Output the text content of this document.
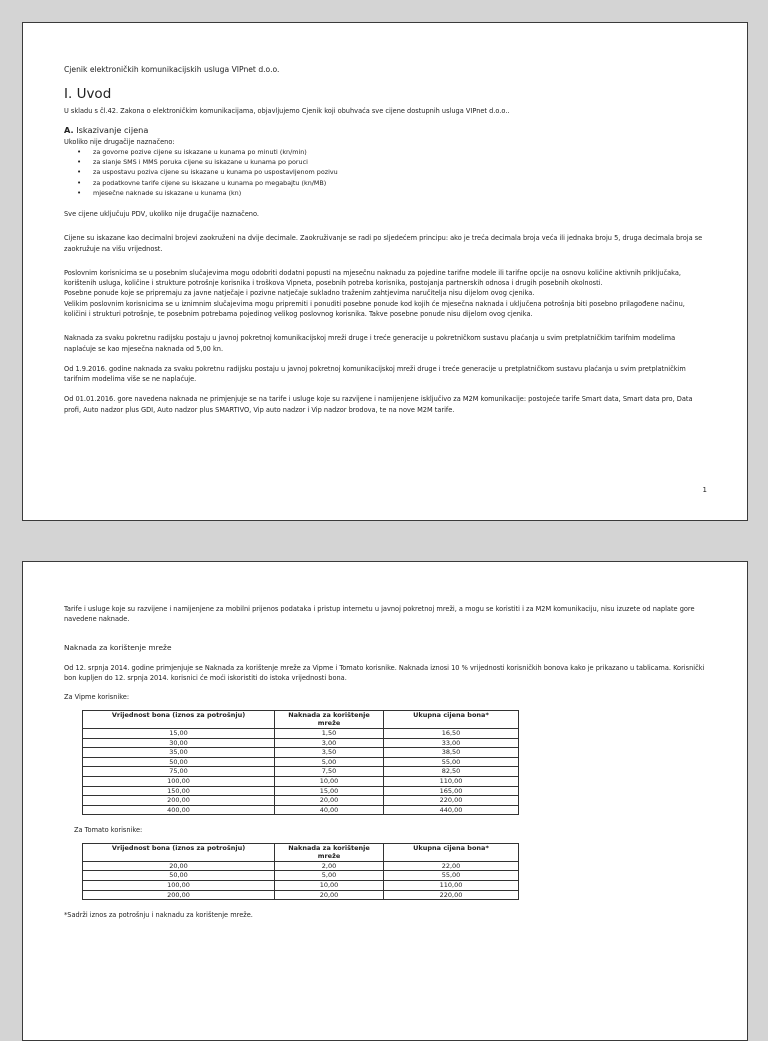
Cjenik elektroničkih komunikacijskih usluga VIPnet d.o.o.

I. Uvod

U skladu s čl.42. Zakona o elektroničkim komunikacijama, objavljujemo Cjenik koji obuhvaća sve cijene dostupnih usluga VIPnet d.o.o..

A. Iskazivanje cijena

Ukoliko nije drugačije naznačeno:

• za govorne pozive cijene su iskazane u kunama po minuti (kn/min)
• za slanje SMS i MMS poruka cijene su iskazane u kunama po poruci
• za uspostavu poziva cijene su iskazane u kunama po uspostavljenom pozivu
• za podatkovne tarife cijene su iskazane u kunama po megabajtu (kn/MB)
• mjesečne naknade su iskazane u kunama (kn)

Sve cijene uključuju PDV, ukoliko nije drugačije naznačeno.

Cijene su iskazane kao decimalni brojevi zaokruženi na dvije decimale. Zaokruživanje se radi po sljedećem principu: ako je treća decimala broja veća ili jednaka broju 5, druga decimala broja se zaokružuje na višu vrijednost.

Poslovnim korisnicima se u posebnim slučajevima mogu odobriti dodatni popusti na mjesečnu naknadu za pojedine tarifne modele ili tarifne opcije na osnovu količine aktivnih priključaka, korištenih usluga, količine i strukture potrošnje korisnika i troškova Vipneta, posebnih potreba korisnika, postojanja partnerskih odnosa i drugih posebnih okolnosti.

Posebne ponude koje se pripremaju za javne natječaje i pozivne natječaje sukladno traženim zahtjevima naručitelja nisu dijelom ovog cjenika.

Velikim poslovnim korisnicima se u iznimnim slučajevima mogu pripremiti i ponuditi posebne ponude kod kojih će mjesečna naknada i uključena potrošnja biti posebno prilagođene načinu, količini i strukturi potrošnje, te posebnim potrebama pojedinog velikog poslovnog korisnika. Takve posebne ponude nisu dijelom ovog cjenika.

Naknada za svaku pokretnu radijsku postaju u javnoj pokretnoj komunikacijskoj mreži druge i treće generacije u pokretničkom sustavu plaćanja u svim pretplatničkim tarifnim modelima naplaćuje se kao mjesečna naknada od 5,00 kn.

Od 1.9.2016. godine naknada za svaku pokretnu radijsku postaju u javnoj pokretnoj komunikacijskoj mreži druge i treće generacije u pretplatničkom sustavu plaćanja u svim pretplatničkim tarifnim modelima više se ne naplaćuje.

Od 01.01.2016. gore navedena naknada ne primjenjuje se na tarife i usluge koje su razvijene i namijenjene isključivo za M2M komunikacije: postojeće tarife Smart data, Smart data pro, Data profi, Auto nadzor plus GDI, Auto nadzor plus SMARTIVO, Vip auto nadzor i Vip nadzor brodova, te na nove M2M tarife.

1

Tarife i usluge koje su razvijene i namijenjene za mobilni prijenos podataka i pristup internetu u javnoj pokretnoj mreži, a mogu se koristiti i za M2M komunikaciju, nisu izuzete od naplate gore navedene naknade.

Naknada za korištenje mreže

Od 12. srpnja 2014. godine primjenjuje se Naknada za korištenje mreže za Vipme i Tomato korisnike. Naknada iznosi 10 % vrijednosti korisničkih bonova kako je prikazano u tablicama. Korisnički bon kupljen do 12. srpnja 2014. korisnici će moći iskoristiti do istoka vrijednosti bona.

Za Vipme korisnike:

Vrijednost bona (iznos za potrošnju)	Naknada za korištenje mreže	Ukupna cijena bona*
15,00	1,50	16,50
30,00	3,00	33,00
35,00	3,50	38,50
50,00	5,00	55,00
75,00	7,50	82,50
100,00	10,00	110,00
150,00	15,00	165,00
200,00	20,00	220,00
400,00	40,00	440,00

Za Tomato korisnike:

Vrijednost bona (iznos za potrošnju)	Naknada za korištenje mreže	Ukupna cijena bona*
20,00	2,00	22,00
50,00	5,00	55,00
100,00	10,00	110,00
200,00	20,00	220,00

*Sadrži iznos za potrošnju i naknadu za korištenje mreže.
